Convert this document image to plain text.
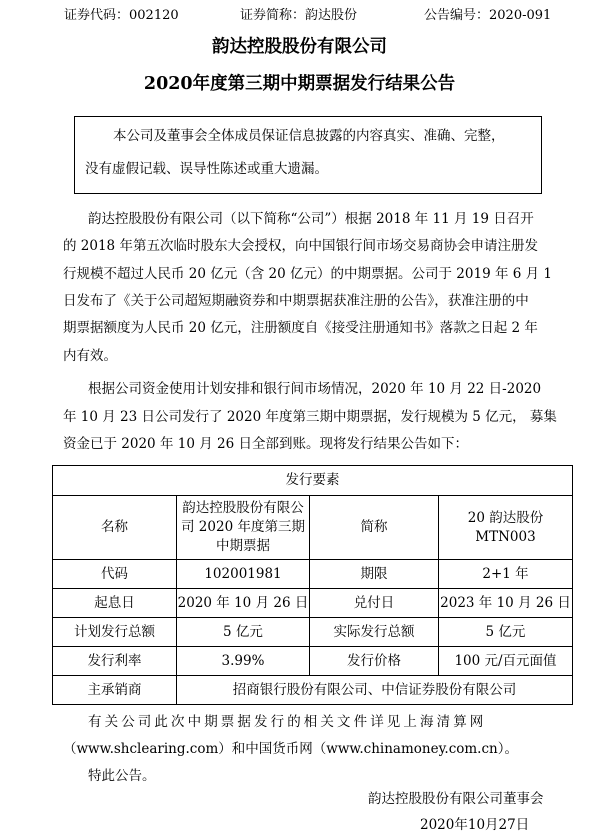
证券代码：002120	证券简称：韵达股份	公告编号：2020-091
韵达控股股份有限公司
2020年度第三期中期票据发行结果公告
本公司及董事会全体成员保证信息披露的内容真实、准确、完整，
没有虚假记载、误导性陈述或重大遗漏。
韵达控股股份有限公司（以下简称“公司”）根据 2018 年 11 月 19 日召开
的 2018 年第五次临时股东大会授权，向中国银行间市场交易商协会申请注册发
行规模不超过人民币 20 亿元（含 20 亿元）的中期票据。公司于 2019 年 6 月 1
日发布了《关于公司超短期融资券和中期票据获准注册的公告》，获准注册的中
期票据额度为人民币 20 亿元，注册额度自《接受注册通知书》落款之日起 2 年
内有效。
根据公司资金使用计划安排和银行间市场情况，2020 年 10 月 22 日-2020
年 10 月 23 日公司发行了 2020 年度第三期中期票据，发行规模为 5 亿元， 募集
资金已于 2020 年 10 月 26 日全部到账。现将发行结果公告如下：
发行要素			
名称	韵达控股股份有限公
司 2020 年度第三期
中期票据	简称	20 韵达股份 MTN003
代码	102001981	期限	2+1 年
起息日	2020 年 10 月 26 日	兑付日	2023 年 10 月 26 日
计划发行总额	5 亿元	实际发行总额	5 亿元
发行利率	3.99%	发行价格	100 元/百元面值
主承销商	招商银行股份有限公司、中信证券股份有限公司		
有关公司此次中期票据发行的相关文件详见上海清算网
（www.shclearing.com）和中国货币网（www.chinamoney.com.cn）。
特此公告。
韵达控股股份有限公司董事会
2020年10月27日
